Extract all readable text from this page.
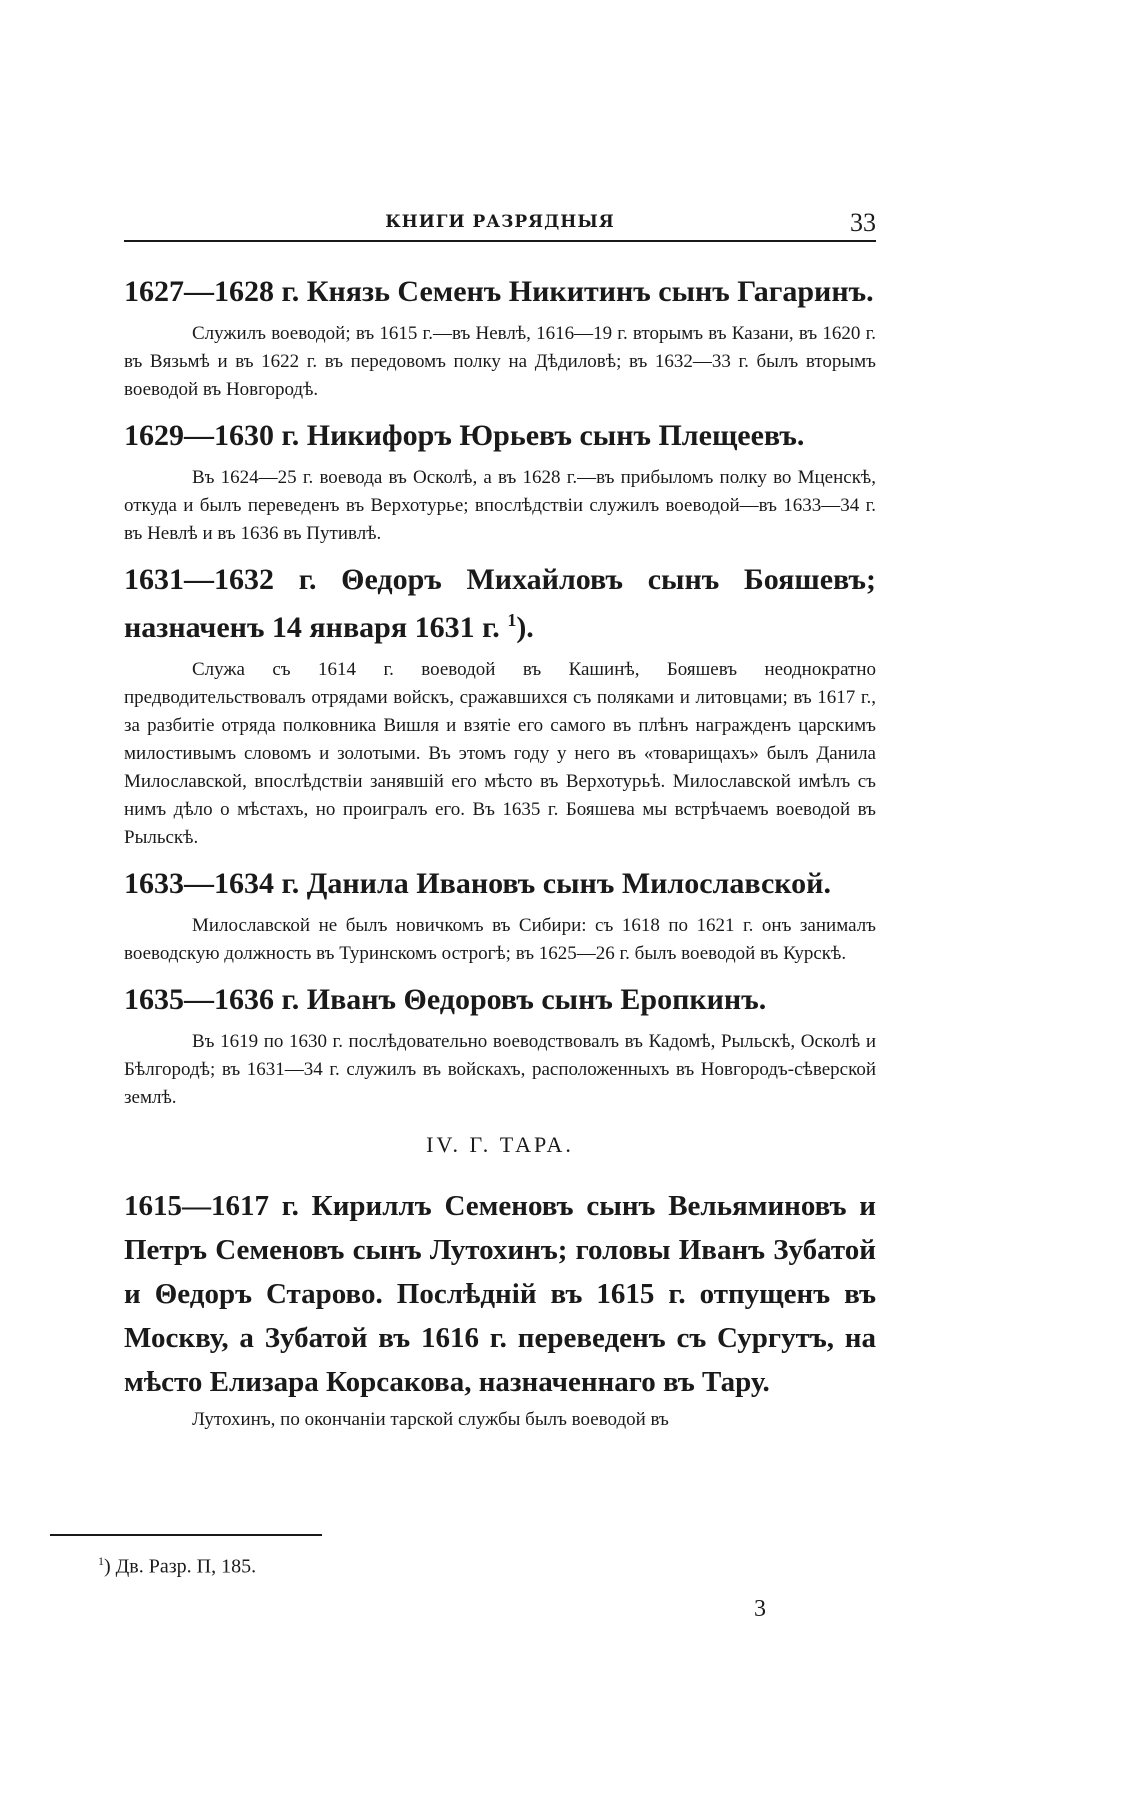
КНИГИ РАЗРЯДНЫЯ	33

1627—1628 г. Князь Семенъ Никитинъ сынъ Гагаринъ.

Служилъ воеводой; въ 1615 г.—въ Невлѣ, 1616—19 г. вторымъ въ Казани, въ 1620 г. въ Вязьмѣ и въ 1622 г. въ передовомъ полку на Дѣдиловѣ; въ 1632—33 г. былъ вторымъ воеводой въ Новгородѣ.

1629—1630 г. Никифоръ Юрьевъ сынъ Плещеевъ.

Въ 1624—25 г. воевода въ Осколѣ, а въ 1628 г.—въ прибыломъ полку во Мценскѣ, откуда и былъ переведенъ въ Верхотурье; впослѣдствіи служилъ воеводой—въ 1633—34 г. въ Невлѣ и въ 1636 въ Путивлѣ.

1631—1632 г. Θедоръ Михайловъ сынъ Бояшевъ; назначенъ 14 января 1631 г. $^1$).

Служа съ 1614 г. воеводой въ Кашинѣ, Бояшевъ неоднократно предводительствовалъ отрядами войскъ, сражавшихся съ поляками и литовцами; въ 1617 г., за разбитіе отряда полковника Вишля и взятіе его самого въ плѣнъ награжденъ царскимъ милостивымъ словомъ и золотыми. Въ этомъ году у него въ «товарищахъ» былъ Данила Милославской, впослѣдствіи занявшій его мѣсто въ Верхотурьѣ. Милославской имѣлъ съ нимъ дѣло о мѣстахъ, но проигралъ его. Въ 1635 г. Бояшева мы встрѣчаемъ воеводой въ Рыльскѣ.

1633—1634 г. Данила Ивановъ сынъ Милославской.

Милославской не былъ новичкомъ въ Сибири: съ 1618 по 1621 г. онъ занималъ воеводскую должность въ Туринскомъ острогѣ; въ 1625—26 г. былъ воеводой въ Курскѣ.

1635—1636 г. Иванъ Θедоровъ сынъ Еропкинъ.

Въ 1619 по 1630 г. послѣдовательно воеводствовалъ въ Кадомѣ, Рыльскѣ, Осколѣ и Бѣлгородѣ; въ 1631—34 г. служилъ въ войскахъ, расположенныхъ въ Новгородъ-сѣверской землѣ.

IV. Г. ТАРА.

1615—1617 г. Кириллъ Семеновъ сынъ Вельяминовъ и Петръ Семеновъ сынъ Лутохинъ; головы Иванъ Зубатой и Θедоръ Старово. Послѣдній въ 1615 г. отпущенъ въ Москву, а Зубатой въ 1616 г. переведенъ съ Сургутъ, на мѣсто Елизара Корсакова, назначеннаго въ Тару.

Лутохинъ, по окончаніи тарской службы былъ воеводой въ

$^1$) Дв. Разр. П, 185.
3
